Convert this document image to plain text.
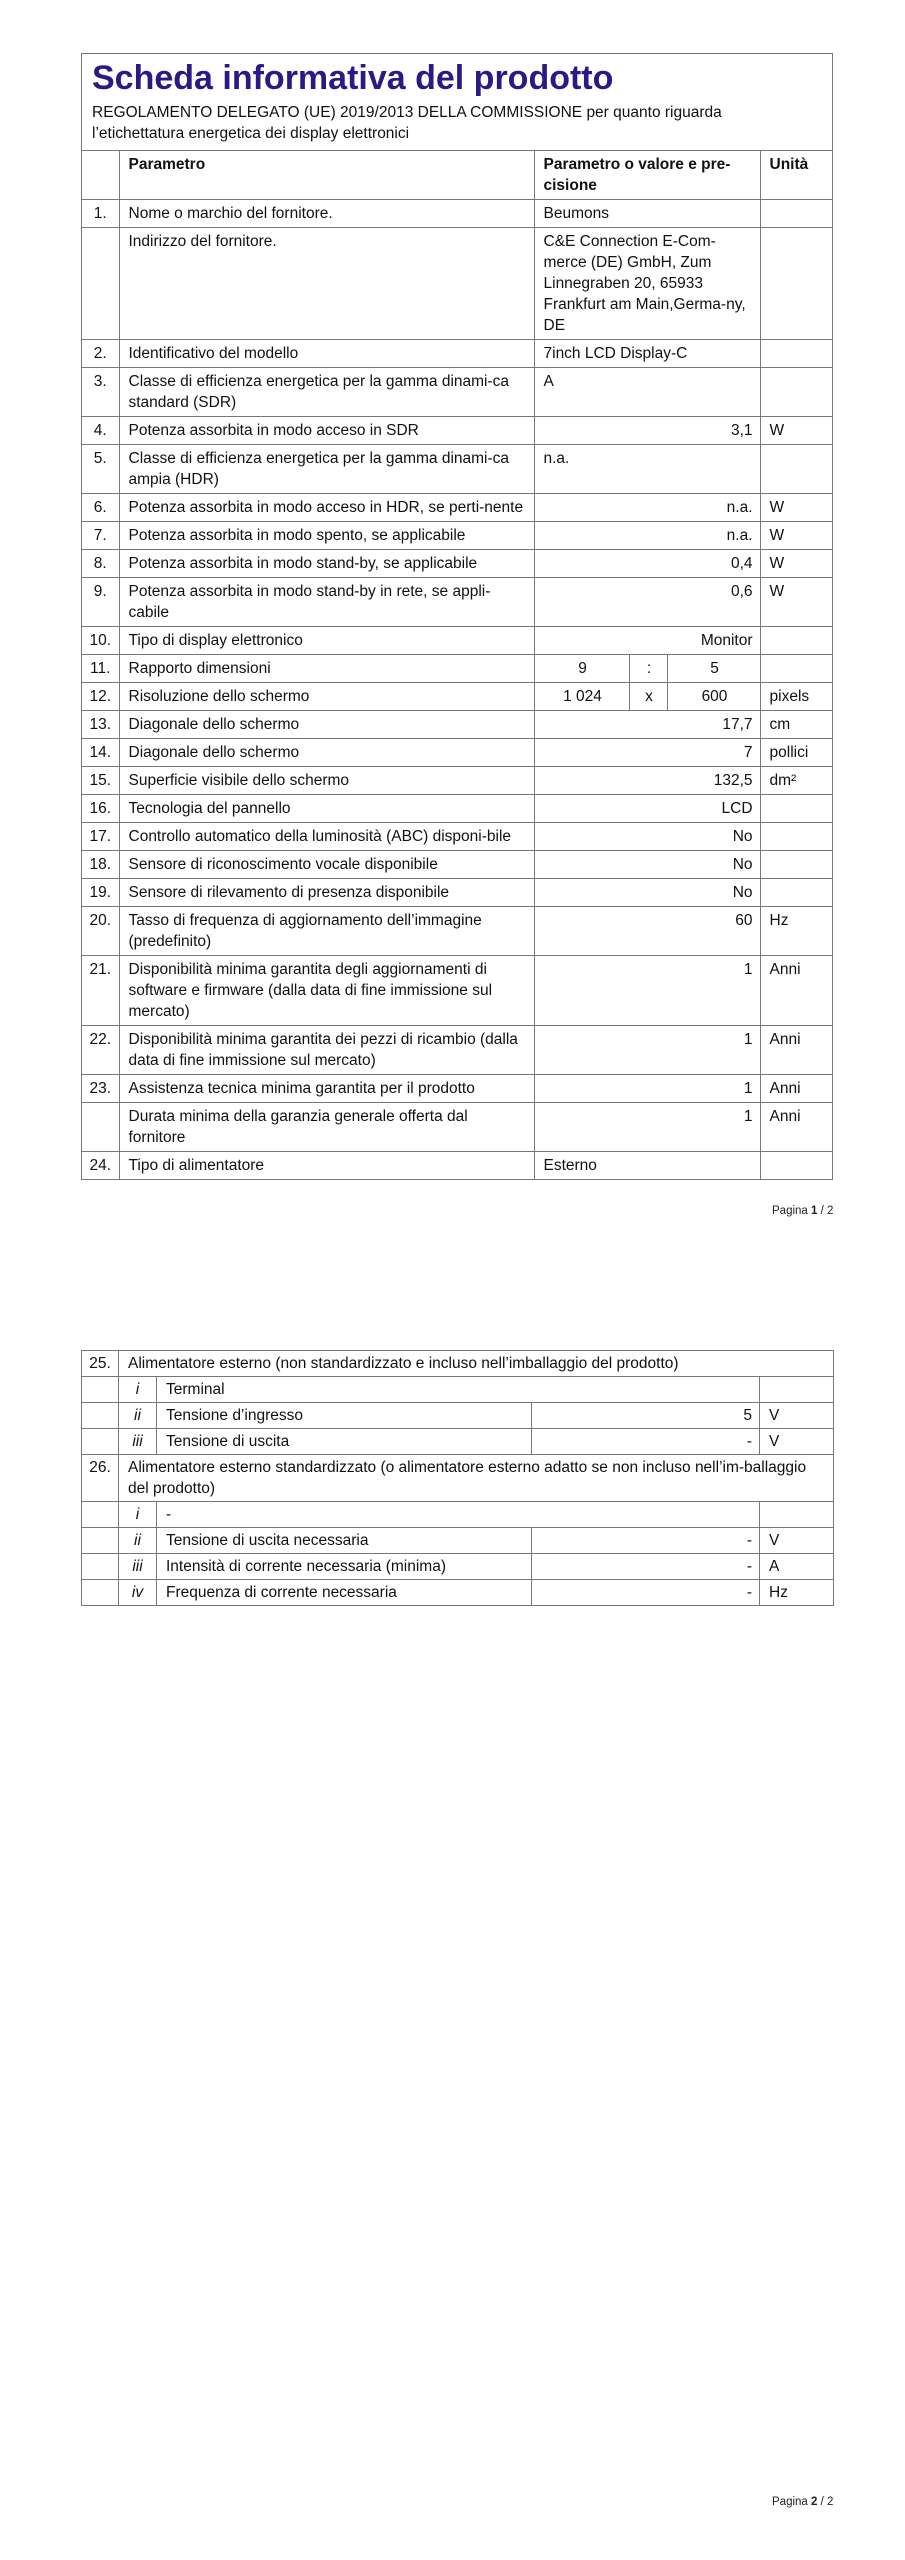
Scheda informativa del prodotto
REGOLAMENTO DELEGATO (UE) 2019/2013 DELLA COMMISSIONE per quanto riguarda
l’etichettatura energetica dei display elettronici
	Parametro	Parametro o valore e pre-cisione			Unità
1.	Nome o marchio del fornitore.	Beumons			
	Indirizzo del fornitore.	C&E Connection E-Com-merce (DE) GmbH, Zum Linnegraben 20, 65933 Frankfurt am Main,Germa-ny, DE			
2.	Identificativo del modello	7inch LCD Display-C			
3.	Classe di efficienza energetica per la gamma dinami-ca standard (SDR)	A			
4.	Potenza assorbita in modo acceso in SDR	3,1			W
5.	Classe di efficienza energetica per la gamma dinami-ca ampia (HDR)	n.a.			
6.	Potenza assorbita in modo acceso in HDR, se perti-nente	n.a.			W
7.	Potenza assorbita in modo spento, se applicabile	n.a.			W
8.	Potenza assorbita in modo stand-by, se applicabile	0,4			W
9.	Potenza assorbita in modo stand-by in rete, se appli-cabile	0,6			W
10.	Tipo di display elettronico	Monitor			
11.	Rapporto dimensioni	9	:	5	
12.	Risoluzione dello schermo	1 024	x	600	pixels
13.	Diagonale dello schermo	17,7			cm
14.	Diagonale dello schermo	7			pollici
15.	Superficie visibile dello schermo	132,5			dm²
16.	Tecnologia del pannello	LCD			
17.	Controllo automatico della luminosità (ABC) disponi-bile	No			
18.	Sensore di riconoscimento vocale disponibile	No			
19.	Sensore di rilevamento di presenza disponibile	No			
20.	Tasso di frequenza di aggiornamento dell’immagine (predefinito)	60			Hz
21.	Disponibilità minima garantita degli aggiornamenti di software e firmware (dalla data di fine immissione sul mercato)	1			Anni
22.	Disponibilità minima garantita dei pezzi di ricambio (dalla data di fine immissione sul mercato)	1			Anni
23.	Assistenza tecnica minima garantita per il prodotto	1			Anni
	Durata minima della garanzia generale offerta dal fornitore	1			Anni
24.	Tipo di alimentatore	Esterno			
Pagina 1 / 2
25.	Alimentatore esterno (non standardizzato e incluso nell’imballaggio del prodotto)			
	i	Terminal		
	ii	Tensione d’ingresso	5	V
	iii	Tensione di uscita	-	V
26.	Alimentatore esterno standardizzato (o alimentatore esterno adatto se non incluso nell’im-ballaggio del prodotto)			
	i	-		
	ii	Tensione di uscita necessaria	-	V
	iii	Intensità di corrente necessaria (minima)	-	A
	iv	Frequenza di corrente necessaria	-	Hz
Pagina 2 / 2
